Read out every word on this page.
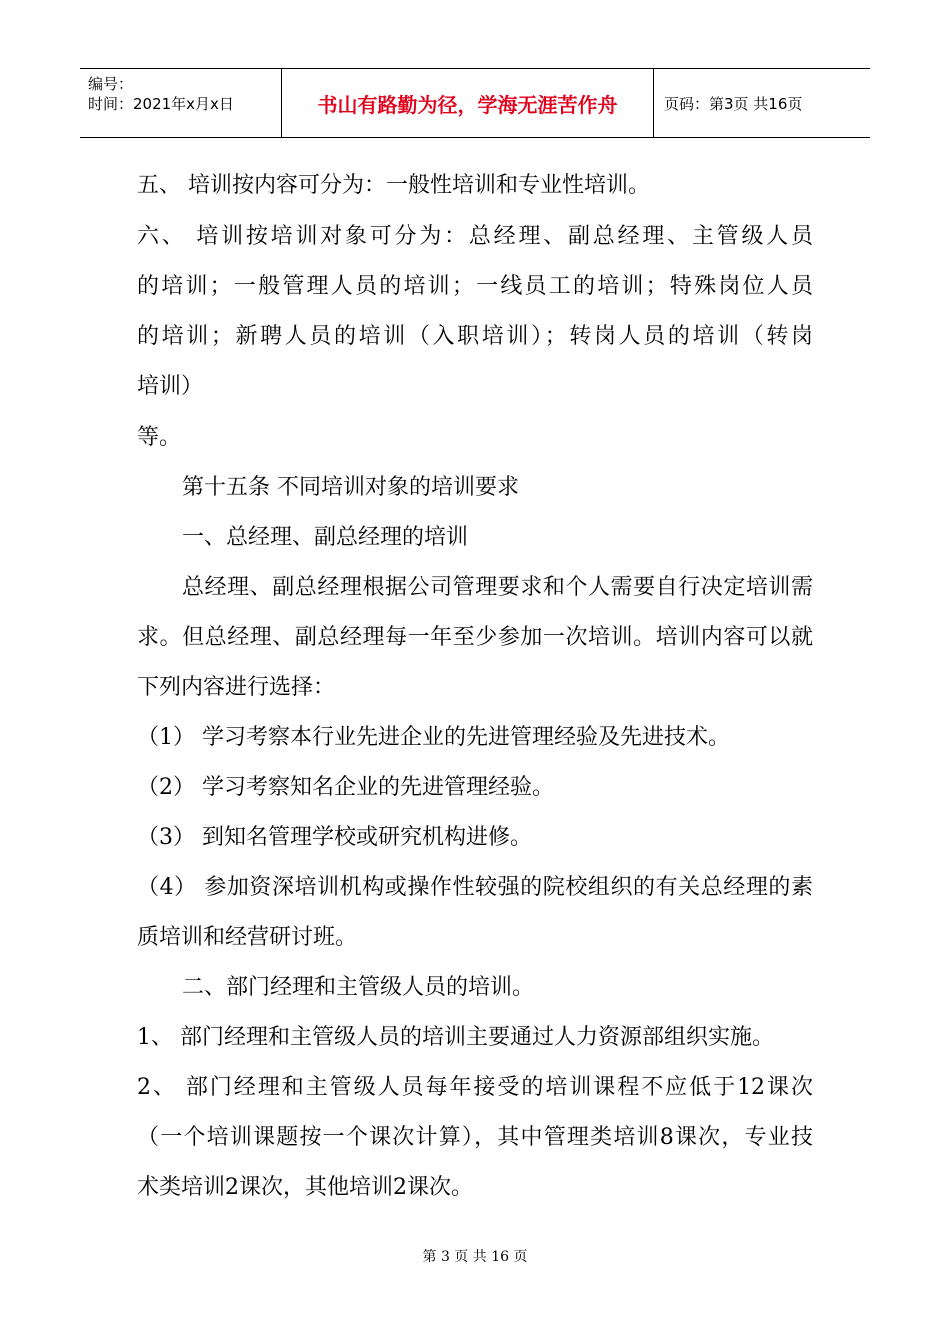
编号：
时间：2021年x月x日	书山有路勤为径，学海无涯苦作舟	页码：第3页 共16页
五、 培训按内容可分为：一般性培训和专业性培训。
六、 培训按培训对象可分为：总经理、副总经理、主管级人员
的培训；一般管理人员的培训；一线员工的培训；特殊岗位人员
的培训；新聘人员的培训（入职培训）；转岗人员的培训（转岗
培训）
等。
第十五条 不同培训对象的培训要求
一、总经理、副总经理的培训
总经理、副总经理根据公司管理要求和个人需要自行决定培训需
求。但总经理、副总经理每一年至少参加一次培训。培训内容可以就
下列内容进行选择：
（1） 学习考察本行业先进企业的先进管理经验及先进技术。
（2） 学习考察知名企业的先进管理经验。
（3） 到知名管理学校或研究机构进修。
（4） 参加资深培训机构或操作性较强的院校组织的有关总经理的素
质培训和经营研讨班。
二、部门经理和主管级人员的培训。
1、 部门经理和主管级人员的培训主要通过人力资源部组织实施。
2、 部门经理和主管级人员每年接受的培训课程不应低于12课次
（一个培训课题按一个课次计算），其中管理类培训8课次，专业技
术类培训2课次，其他培训2课次。
第 3 页 共 16 页
